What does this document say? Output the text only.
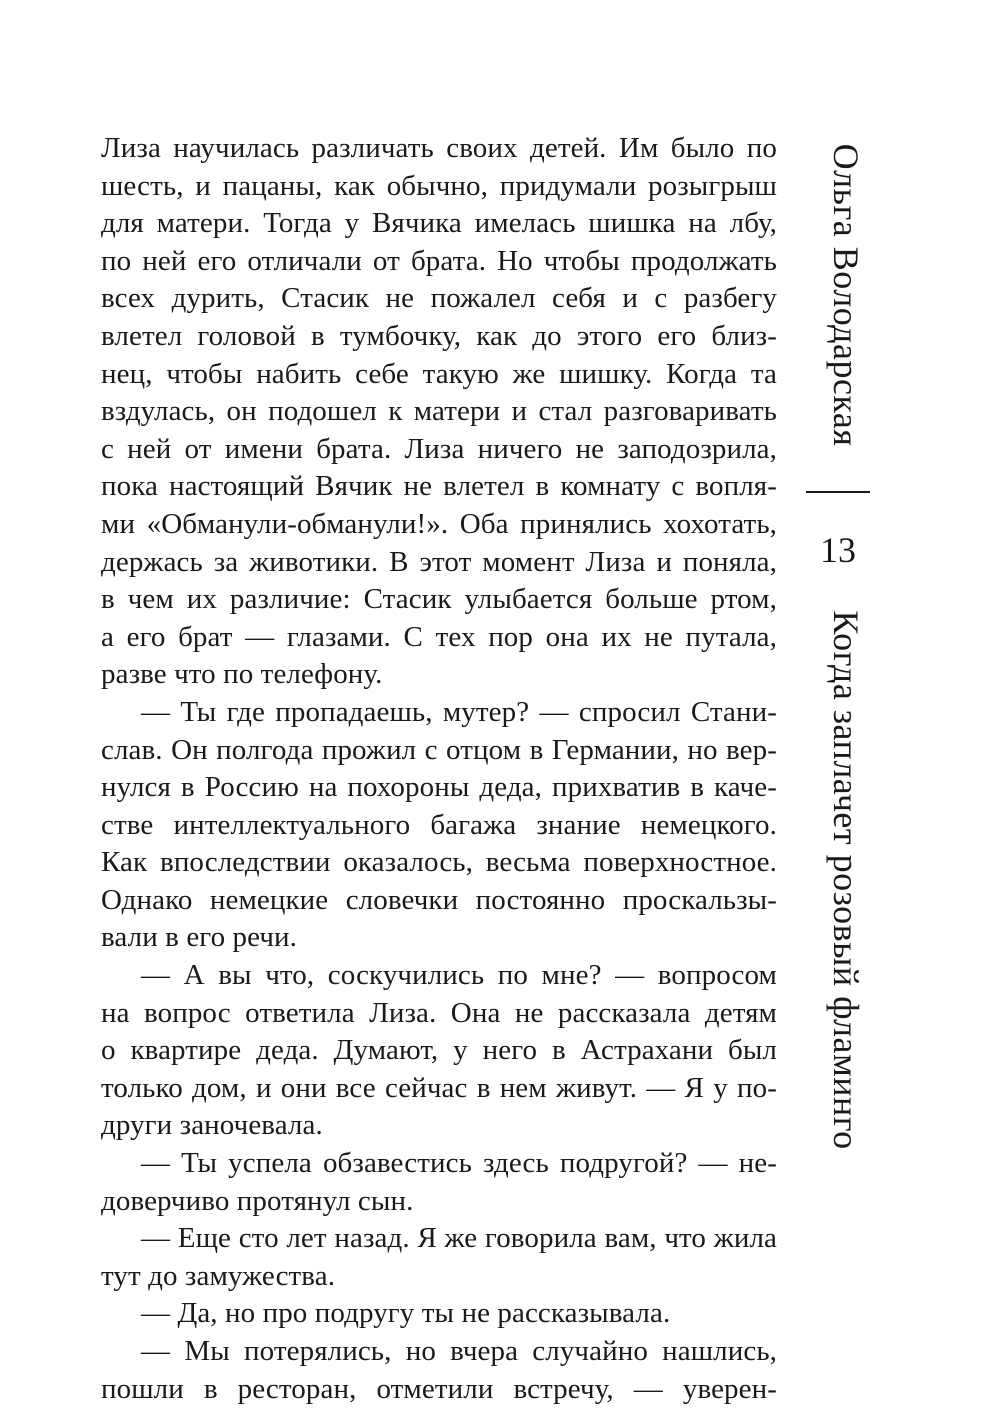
Лиза научилась различать своих детей. Им было по
шесть, и пацаны, как обычно, придумали розыгрыш
для матери. Тогда у Вячика имелась шишка на лбу,
по ней его отличали от брата. Но чтобы продолжать
всех дурить, Стасик не пожалел себя и с разбегу
влетел головой в тумбочку, как до этого его близ-
нец, чтобы набить себе такую же шишку. Когда та
вздулась, он подошел к матери и стал разговаривать
с ней от имени брата. Лиза ничего не заподозрила,
пока настоящий Вячик не влетел в комнату с вопля-
ми «Обманули-обманули!». Оба принялись хохотать,
держась за животики. В этот момент Лиза и поняла,
в чем их различие: Стасик улыбается больше ртом,
а его брат — глазами. С тех пор она их не путала,
разве что по телефону.
— Ты где пропадаешь, мутер? — спросил Стани-
слав. Он полгода прожил с отцом в Германии, но вер-
нулся в Россию на похороны деда, прихватив в каче-
стве интеллектуального багажа знание немецкого.
Как впоследствии оказалось, весьма поверхностное.
Однако немецкие словечки постоянно проскальзы-
вали в его речи.
— А вы что, соскучились по мне? — вопросом
на вопрос ответила Лиза. Она не рассказала детям
о квартире деда. Думают, у него в Астрахани был
только дом, и они все сейчас в нем живут. — Я у по-
други заночевала.
— Ты успела обзавестись здесь подругой? — не-
доверчиво протянул сын.
— Еще сто лет назад. Я же говорила вам, что жила
тут до замужества.
— Да, но про подругу ты не рассказывала.
— Мы потерялись, но вчера случайно нашлись,
пошли в ресторан, отметили встречу, — уверен-
Ольга Володарская
Когда заплачет розовый фламинго
13
